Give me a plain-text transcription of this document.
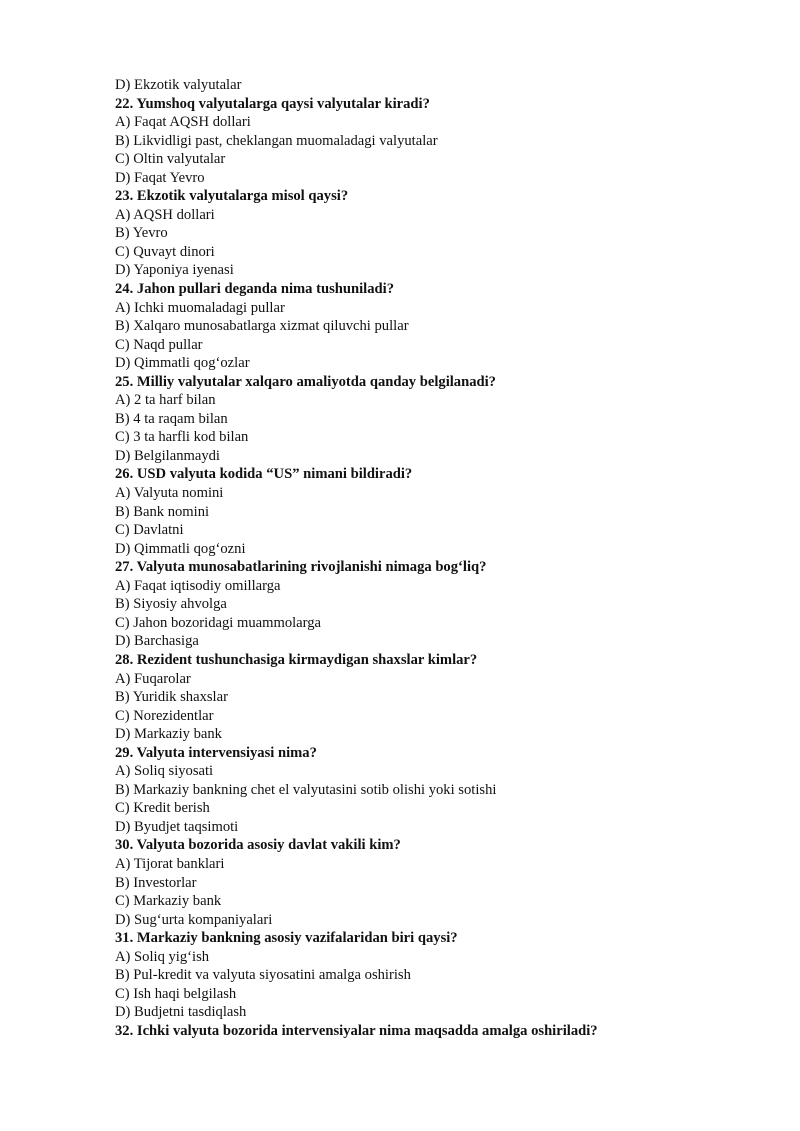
D) Ekzotik valyutalar
22. Yumshoq valyutalarga qaysi valyutalar kiradi?
A) Faqat AQSH dollari
B) Likvidligi past, cheklangan muomaladagi valyutalar
C) Oltin valyutalar
D) Faqat Yevro
23. Ekzotik valyutalarga misol qaysi?
A) AQSH dollari
B) Yevro
C) Quvayt dinori
D) Yaponiya iyenasi
24. Jahon pullari deganda nima tushuniladi?
A) Ichki muomaladagi pullar
B) Xalqaro munosabatlarga xizmat qiluvchi pullar
C) Naqd pullar
D) Qimmatli qog‘ozlar
25. Milliy valyutalar xalqaro amaliyotda qanday belgilanadi?
A) 2 ta harf bilan
B) 4 ta raqam bilan
C) 3 ta harfli kod bilan
D) Belgilanmaydi
26. USD valyuta kodida “US” nimani bildiradi?
A) Valyuta nomini
B) Bank nomini
C) Davlatni
D) Qimmatli qog‘ozni
27. Valyuta munosabatlarining rivojlanishi nimaga bog‘liq?
A) Faqat iqtisodiy omillarga
B) Siyosiy ahvolga
C) Jahon bozoridagi muammolarga
D) Barchasiga
28. Rezident tushunchasiga kirmaydigan shaxslar kimlar?
A) Fuqarolar
B) Yuridik shaxslar
C) Norezidentlar
D) Markaziy bank
29. Valyuta intervensiyasi nima?
A) Soliq siyosati
B) Markaziy bankning chet el valyutasini sotib olishi yoki sotishi
C) Kredit berish
D) Byudjet taqsimoti
30. Valyuta bozorida asosiy davlat vakili kim?
A) Tijorat banklari
B) Investorlar
C) Markaziy bank
D) Sug‘urta kompaniyalari
31. Markaziy bankning asosiy vazifalaridan biri qaysi?
A) Soliq yig‘ish
B) Pul-kredit va valyuta siyosatini amalga oshirish
C) Ish haqi belgilash
D) Budjetni tasdiqlash
32. Ichki valyuta bozorida intervensiyalar nima maqsadda amalga oshiriladi?
